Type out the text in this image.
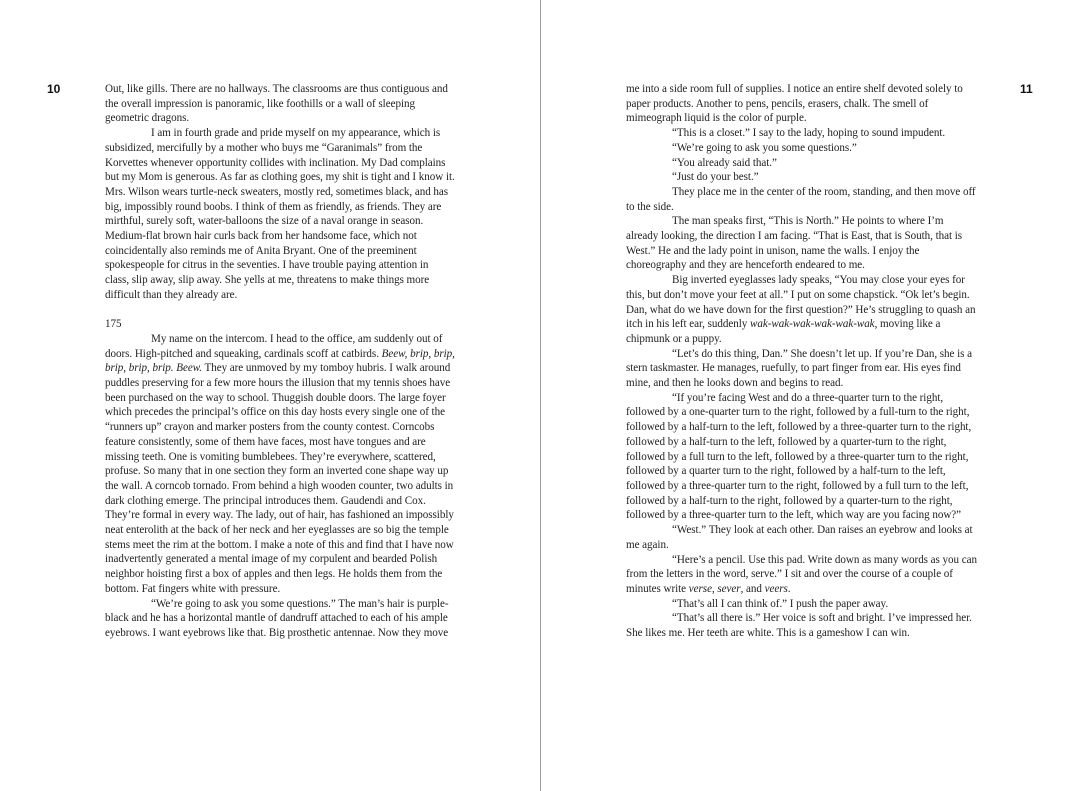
10	11

Out, like gills. There are no hallways. The classrooms are thus contiguous and the overall impression is panoramic, like foothills or a wall of sleeping geometric dragons.

I am in fourth grade and pride myself on my appearance, which is subsidized, mercifully by a mother who buys me “Garanimals” from the Korvettes whenever opportunity collides with inclination. My Dad complains but my Mom is generous. As far as clothing goes, my shit is tight and I know it. Mrs. Wilson wears turtle-neck sweaters, mostly red, sometimes black, and has big, impossibly round boobs. I think of them as friendly, as friends. They are mirthful, surely soft, water-balloons the size of a naval orange in season. Medium-flat brown hair curls back from her handsome face, which not coincidentally also reminds me of Anita Bryant. One of the preeminent spokespeople for citrus in the seventies. I have trouble paying attention in class, slip away, slip away. She yells at me, threatens to make things more difficult than they already are.

175

My name on the intercom. I head to the office, am suddenly out of doors. High-pitched and squeaking, cardinals scoff at catbirds. Beew, brip, brip, brip, brip, brip. Beew. They are unmoved by my tomboy hubris. I walk around puddles preserving for a few more hours the illusion that my tennis shoes have been purchased on the way to school. Thuggish double doors. The large foyer which precedes the principal’s office on this day hosts every single one of the “runners up” crayon and marker posters from the county contest. Corncobs feature consistently, some of them have faces, most have tongues and are missing teeth. One is vomiting bumblebees. They’re everywhere, scattered, profuse. So many that in one section they form an inverted cone shape way up the wall. A corncob tornado. From behind a high wooden counter, two adults in dark clothing emerge. The principal introduces them. Gaudendi and Cox. They’re formal in every way. The lady, out of hair, has fashioned an impossibly neat enterolith at the back of her neck and her eyeglasses are so big the temple stems meet the rim at the bottom. I make a note of this and find that I have now inadvertently generated a mental image of my corpulent and bearded Polish neighbor hoisting first a box of apples and then legs. He holds them from the bottom. Fat fingers white with pressure.

“We’re going to ask you some questions.” The man’s hair is purple-black and he has a horizontal mantle of dandruff attached to each of his ample eyebrows. I want eyebrows like that. Big prosthetic antennae. Now they move

me into a side room full of supplies. I notice an entire shelf devoted solely to paper products. Another to pens, pencils, erasers, chalk. The smell of mimeograph liquid is the color of purple.

“This is a closet.” I say to the lady, hoping to sound impudent.

“We’re going to ask you some questions.”

“You already said that.”

“Just do your best.”

They place me in the center of the room, standing, and then move off to the side.

The man speaks first, “This is North.” He points to where I’m already looking, the direction I am facing. “That is East, that is South, that is West.” He and the lady point in unison, name the walls. I enjoy the choreography and they are henceforth endeared to me.

Big inverted eyeglasses lady speaks, “You may close your eyes for this, but don’t move your feet at all.” I put on some chapstick. “Ok let’s begin. Dan, what do we have down for the first question?” He’s struggling to quash an itch in his left ear, suddenly wak-wak-wak-wak-wak-wak, moving like a chipmunk or a puppy.

“Let’s do this thing, Dan.” She doesn’t let up. If you’re Dan, she is a stern taskmaster. He manages, ruefully, to part finger from ear. His eyes find mine, and then he looks down and begins to read.

“If you’re facing West and do a three-quarter turn to the right, followed by a one-quarter turn to the right, followed by a full-turn to the right, followed by a half-turn to the left, followed by a three-quarter turn to the right, followed by a half-turn to the left, followed by a quarter-turn to the right, followed by a full turn to the left, followed by a three-quarter turn to the right, followed by a quarter turn to the right, followed by a half-turn to the left, followed by a three-quarter turn to the right, followed by a full turn to the left, followed by a half-turn to the right, followed by a quarter-turn to the right, followed by a three-quarter turn to the left, which way are you facing now?”

“West.” They look at each other. Dan raises an eyebrow and looks at me again.

“Here’s a pencil. Use this pad. Write down as many words as you can from the letters in the word, serve.” I sit and over the course of a couple of minutes write verse, sever, and veers.

“That’s all I can think of.” I push the paper away.

“That’s all there is.” Her voice is soft and bright. I’ve impressed her. She likes me. Her teeth are white. This is a gameshow I can win.
